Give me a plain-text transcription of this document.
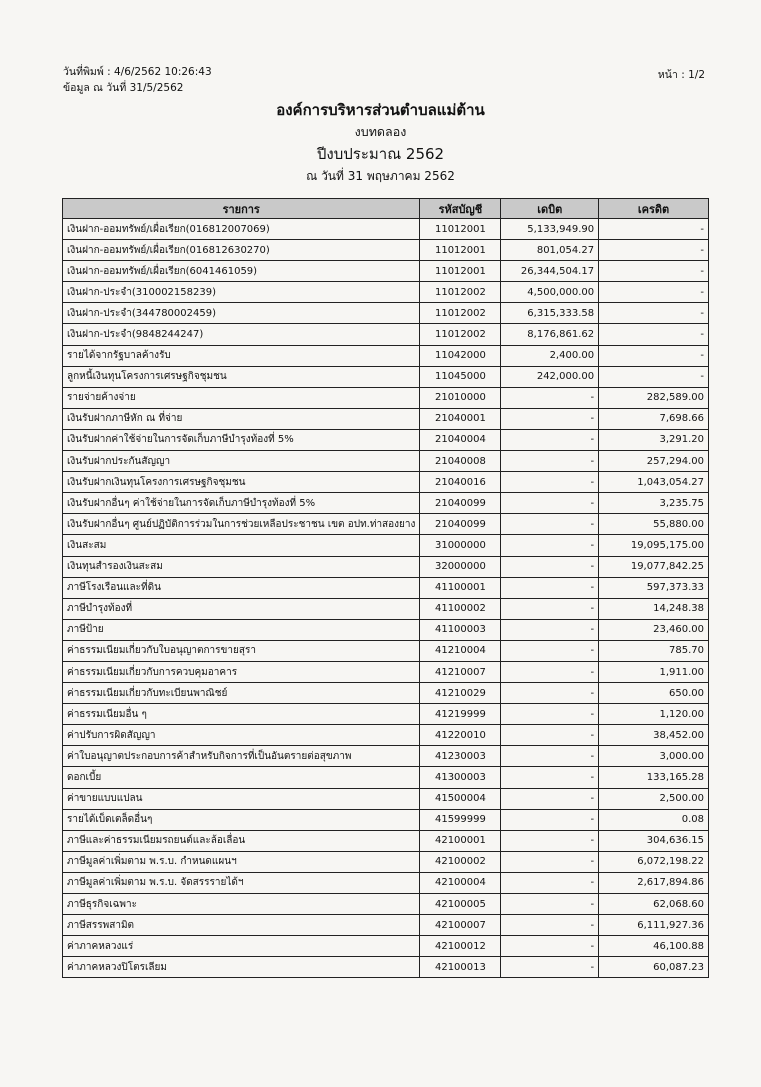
วันที่พิมพ์ : 4/6/2562 10:26:43
ข้อมูล ณ วันที่ 31/5/2562
หน้า : 1/2
องค์การบริหารส่วนตำบลแม่ต้าน
งบทดลอง
ปีงบประมาณ 2562
ณ วันที่ 31 พฤษภาคม 2562
รายการ	รหัสบัญชี	เดบิต	เครดิต
เงินฝาก-ออมทรัพย์/เผื่อเรียก(016812007069)	11012001	5,133,949.90	-
เงินฝาก-ออมทรัพย์/เผื่อเรียก(016812630270)	11012001	801,054.27	-
เงินฝาก-ออมทรัพย์/เผื่อเรียก(6041461059)	11012001	26,344,504.17	-
เงินฝาก-ประจำ(310002158239)	11012002	4,500,000.00	-
เงินฝาก-ประจำ(344780002459)	11012002	6,315,333.58	-
เงินฝาก-ประจำ(9848244247)	11012002	8,176,861.62	-
รายได้จากรัฐบาลค้างรับ	11042000	2,400.00	-
ลูกหนี้เงินทุนโครงการเศรษฐกิจชุมชน	11045000	242,000.00	-
รายจ่ายค้างจ่าย	21010000	-	282,589.00
เงินรับฝากภาษีหัก ณ ที่จ่าย	21040001	-	7,698.66
เงินรับฝากค่าใช้จ่ายในการจัดเก็บภาษีบำรุงท้องที่ 5%	21040004	-	3,291.20
เงินรับฝากประกันสัญญา	21040008	-	257,294.00
เงินรับฝากเงินทุนโครงการเศรษฐกิจชุมชน	21040016	-	1,043,054.27
เงินรับฝากอื่นๆ ค่าใช้จ่ายในการจัดเก็บภาษีบำรุงท้องที่ 5%	21040099	-	3,235.75
เงินรับฝากอื่นๆ ศูนย์ปฏิบัติการร่วมในการช่วยเหลือประชาชน เขต อปท.ท่าสองยาง	21040099	-	55,880.00
เงินสะสม	31000000	-	19,095,175.00
เงินทุนสำรองเงินสะสม	32000000	-	19,077,842.25
ภาษีโรงเรือนและที่ดิน	41100001	-	597,373.33
ภาษีบำรุงท้องที่	41100002	-	14,248.38
ภาษีป้าย	41100003	-	23,460.00
ค่าธรรมเนียมเกี่ยวกับใบอนุญาตการขายสุรา	41210004	-	785.70
ค่าธรรมเนียมเกี่ยวกับการควบคุมอาคาร	41210007	-	1,911.00
ค่าธรรมเนียมเกี่ยวกับทะเบียนพาณิชย์	41210029	-	650.00
ค่าธรรมเนียมอื่น ๆ	41219999	-	1,120.00
ค่าปรับการผิดสัญญา	41220010	-	38,452.00
ค่าใบอนุญาตประกอบการค้าสำหรับกิจการที่เป็นอันตรายต่อสุขภาพ	41230003	-	3,000.00
ดอกเบี้ย	41300003	-	133,165.28
ค่าขายแบบแปลน	41500004	-	2,500.00
รายได้เบ็ดเตล็ดอื่นๆ	41599999	-	0.08
ภาษีและค่าธรรมเนียมรถยนต์และล้อเลื่อน	42100001	-	304,636.15
ภาษีมูลค่าเพิ่มตาม พ.ร.บ. กำหนดแผนฯ	42100002	-	6,072,198.22
ภาษีมูลค่าเพิ่มตาม พ.ร.บ. จัดสรรรายได้ฯ	42100004	-	2,617,894.86
ภาษีธุรกิจเฉพาะ	42100005	-	62,068.60
ภาษีสรรพสามิต	42100007	-	6,111,927.36
ค่าภาคหลวงแร่	42100012	-	46,100.88
ค่าภาคหลวงปิโตรเลียม	42100013	-	60,087.23
